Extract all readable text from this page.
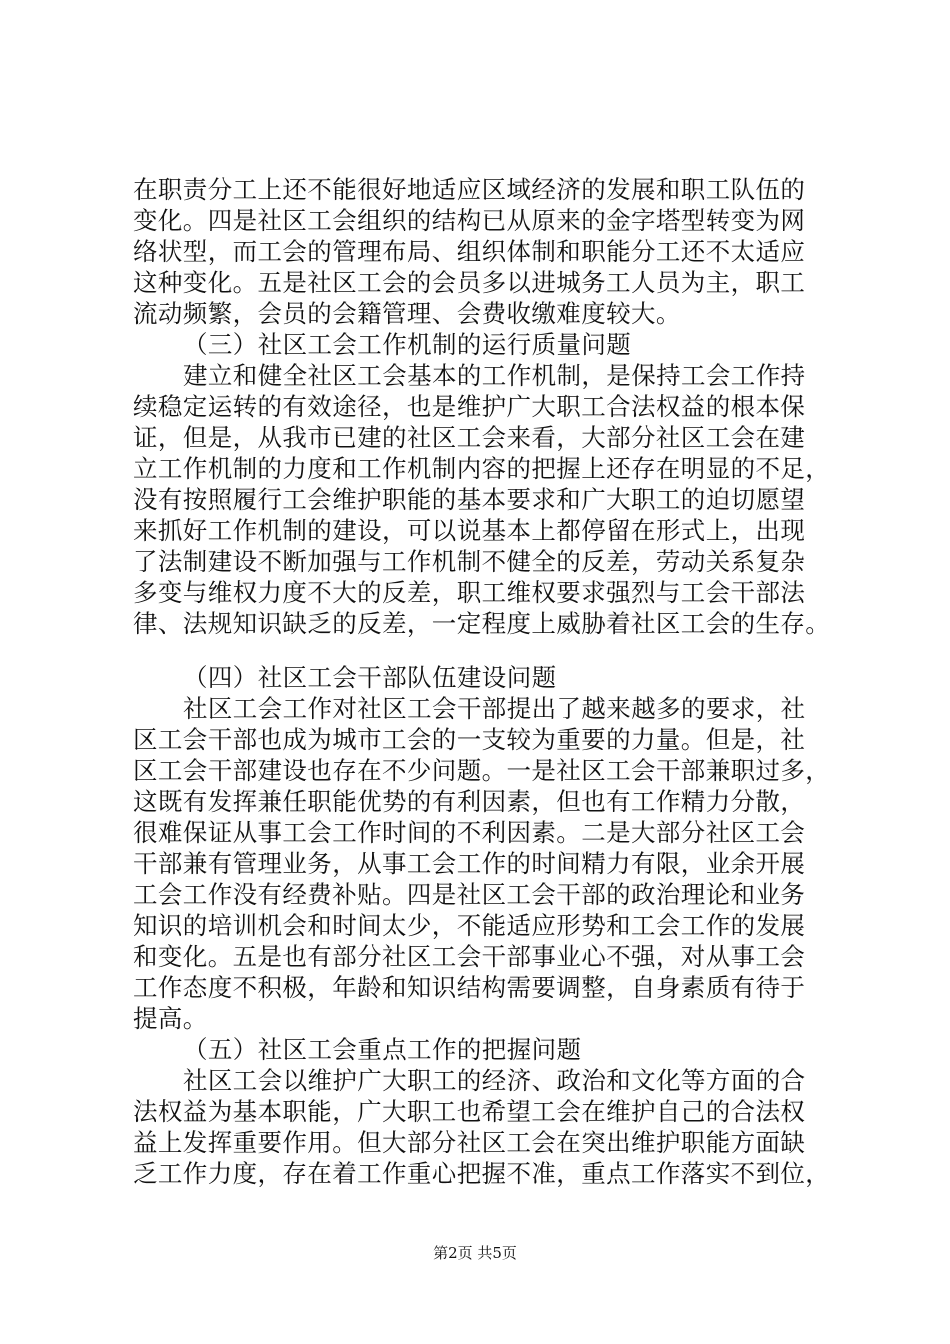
在职责分工上还不能很好地适应区域经济的发展和职工队伍的
变化。四是社区工会组织的结构已从原来的金字塔型转变为网
络状型，而工会的管理布局、组织体制和职能分工还不太适应
这种变化。五是社区工会的会员多以进城务工人员为主，职工
流动频繁，会员的会籍管理、会费收缴难度较大。
（三）社区工会工作机制的运行质量问题
建立和健全社区工会基本的工作机制，是保持工会工作持
续稳定运转的有效途径，也是维护广大职工合法权益的根本保
证，但是，从我市已建的社区工会来看，大部分社区工会在建
立工作机制的力度和工作机制内容的把握上还存在明显的不足，
没有按照履行工会维护职能的基本要求和广大职工的迫切愿望
来抓好工作机制的建设，可以说基本上都停留在形式上，出现
了法制建设不断加强与工作机制不健全的反差，劳动关系复杂
多变与维权力度不大的反差，职工维权要求强烈与工会干部法
律、法规知识缺乏的反差，一定程度上威胁着社区工会的生存。
（四）社区工会干部队伍建设问题
社区工会工作对社区工会干部提出了越来越多的要求，社
区工会干部也成为城市工会的一支较为重要的力量。但是，社
区工会干部建设也存在不少问题。一是社区工会干部兼职过多，
这既有发挥兼任职能优势的有利因素，但也有工作精力分散，
很难保证从事工会工作时间的不利因素。二是大部分社区工会
干部兼有管理业务，从事工会工作的时间精力有限，业余开展
工会工作没有经费补贴。四是社区工会干部的政治理论和业务
知识的培训机会和时间太少，不能适应形势和工会工作的发展
和变化。五是也有部分社区工会干部事业心不强，对从事工会
工作态度不积极，年龄和知识结构需要调整，自身素质有待于
提高。
（五）社区工会重点工作的把握问题
社区工会以维护广大职工的经济、政治和文化等方面的合
法权益为基本职能，广大职工也希望工会在维护自己的合法权
益上发挥重要作用。但大部分社区工会在突出维护职能方面缺
乏工作力度，存在着工作重心把握不准，重点工作落实不到位，
第2页 共5页
